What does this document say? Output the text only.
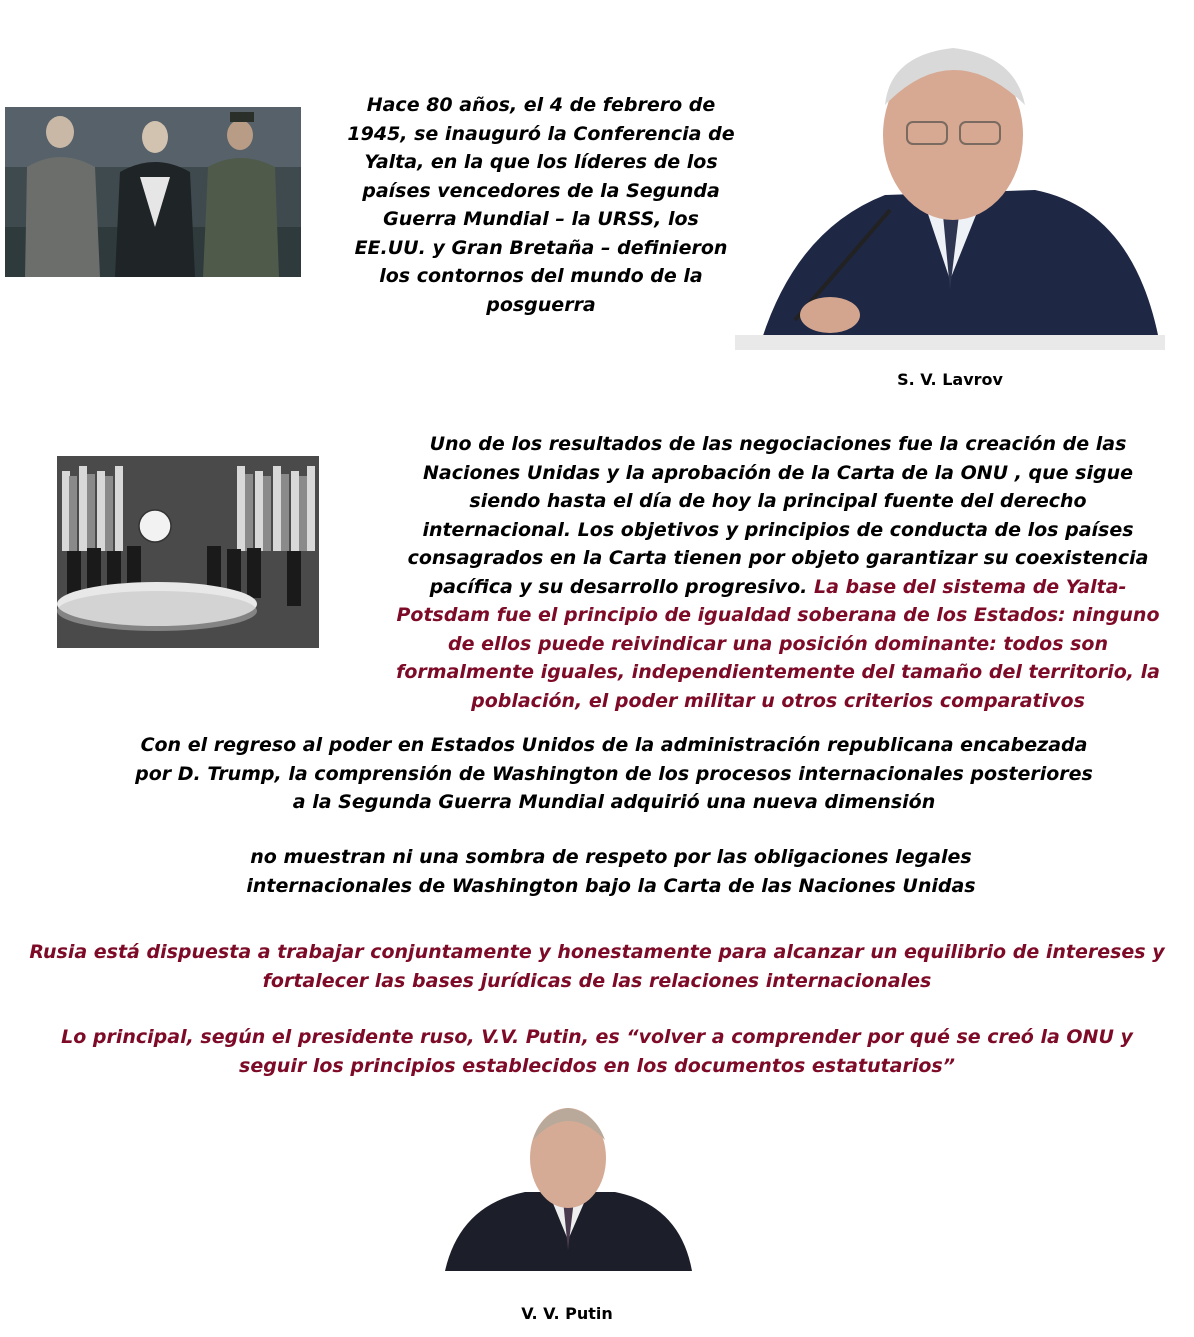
Hace 80 años, el 4 de febrero de 1945, se inauguró la Conferencia de Yalta, en la que los líderes de los países vencedores de la Segunda Guerra Mundial – la URSS, los EE.UU. y Gran Bretaña – definieron los contornos del mundo de la posguerra
S. V. Lavrov
Uno de los resultados de las negociaciones fue la creación de las Naciones Unidas y la aprobación de la Carta de la ONU , que sigue siendo hasta el día de hoy la principal fuente del derecho internacional. Los objetivos y principios de conducta de los países consagrados en la Carta tienen por objeto garantizar su coexistencia pacífica y su desarrollo progresivo. La base del sistema de Yalta-Potsdam fue el principio de igualdad soberana de los Estados: ninguno de ellos puede reivindicar una posición dominante: todos son formalmente iguales, independientemente del tamaño del territorio, la población, el poder militar u otros criterios comparativos
Con el regreso al poder en Estados Unidos de la administración republicana encabezada por D. Trump, la comprensión de Washington de los procesos internacionales posteriores a la Segunda Guerra Mundial adquirió una nueva dimensión
no muestran ni una sombra de respeto por las obligaciones legales internacionales de Washington bajo la Carta de las Naciones Unidas
Rusia está dispuesta a trabajar conjuntamente y honestamente para alcanzar un equilibrio de intereses y fortalecer las bases jurídicas de las relaciones internacionales
Lo principal, según el presidente ruso, V.V. Putin, es “volver a comprender por qué se creó la ONU y seguir los principios establecidos en los documentos estatutarios”
V. V. Putin
